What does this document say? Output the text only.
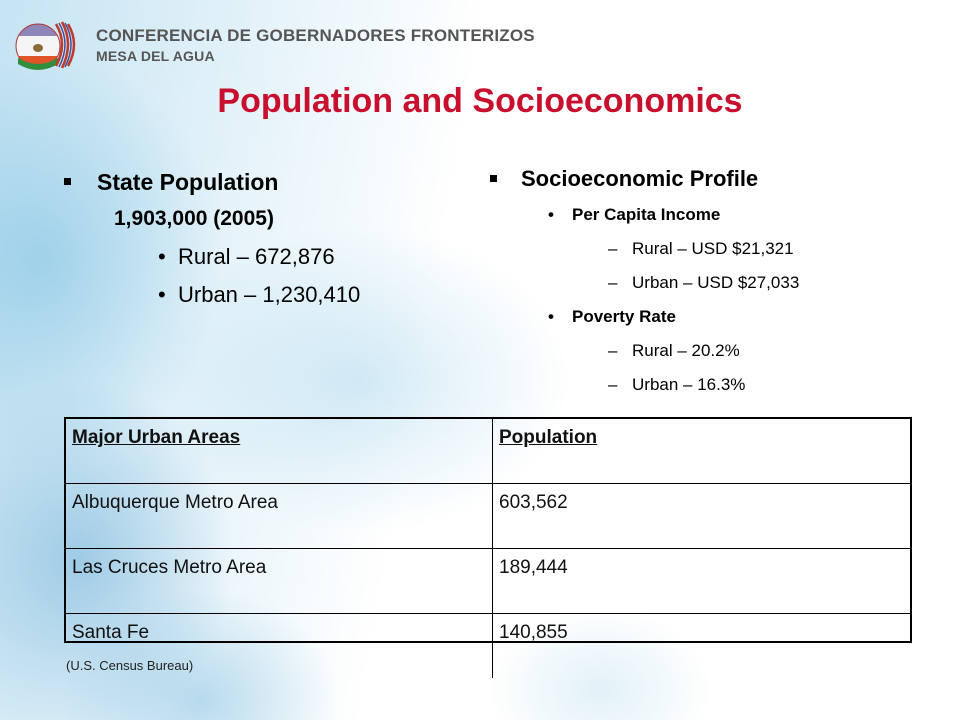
CONFERENCIA DE GOBERNADORES FRONTERIZOS
MESA DEL AGUA
Population and Socioeconomics
State Population
1,903,000 (2005)
• Rural – 672,876
• Urban – 1,230,410
Socioeconomic Profile
• Per Capita Income
– Rural – USD $21,321
– Urban – USD $27,033
• Poverty Rate
– Rural – 20.2%
– Urban – 16.3%
Major Urban Areas	Population
Albuquerque Metro Area	603,562
Las Cruces Metro Area	189,444
Santa Fe	140,855
(U.S. Census Bureau)
